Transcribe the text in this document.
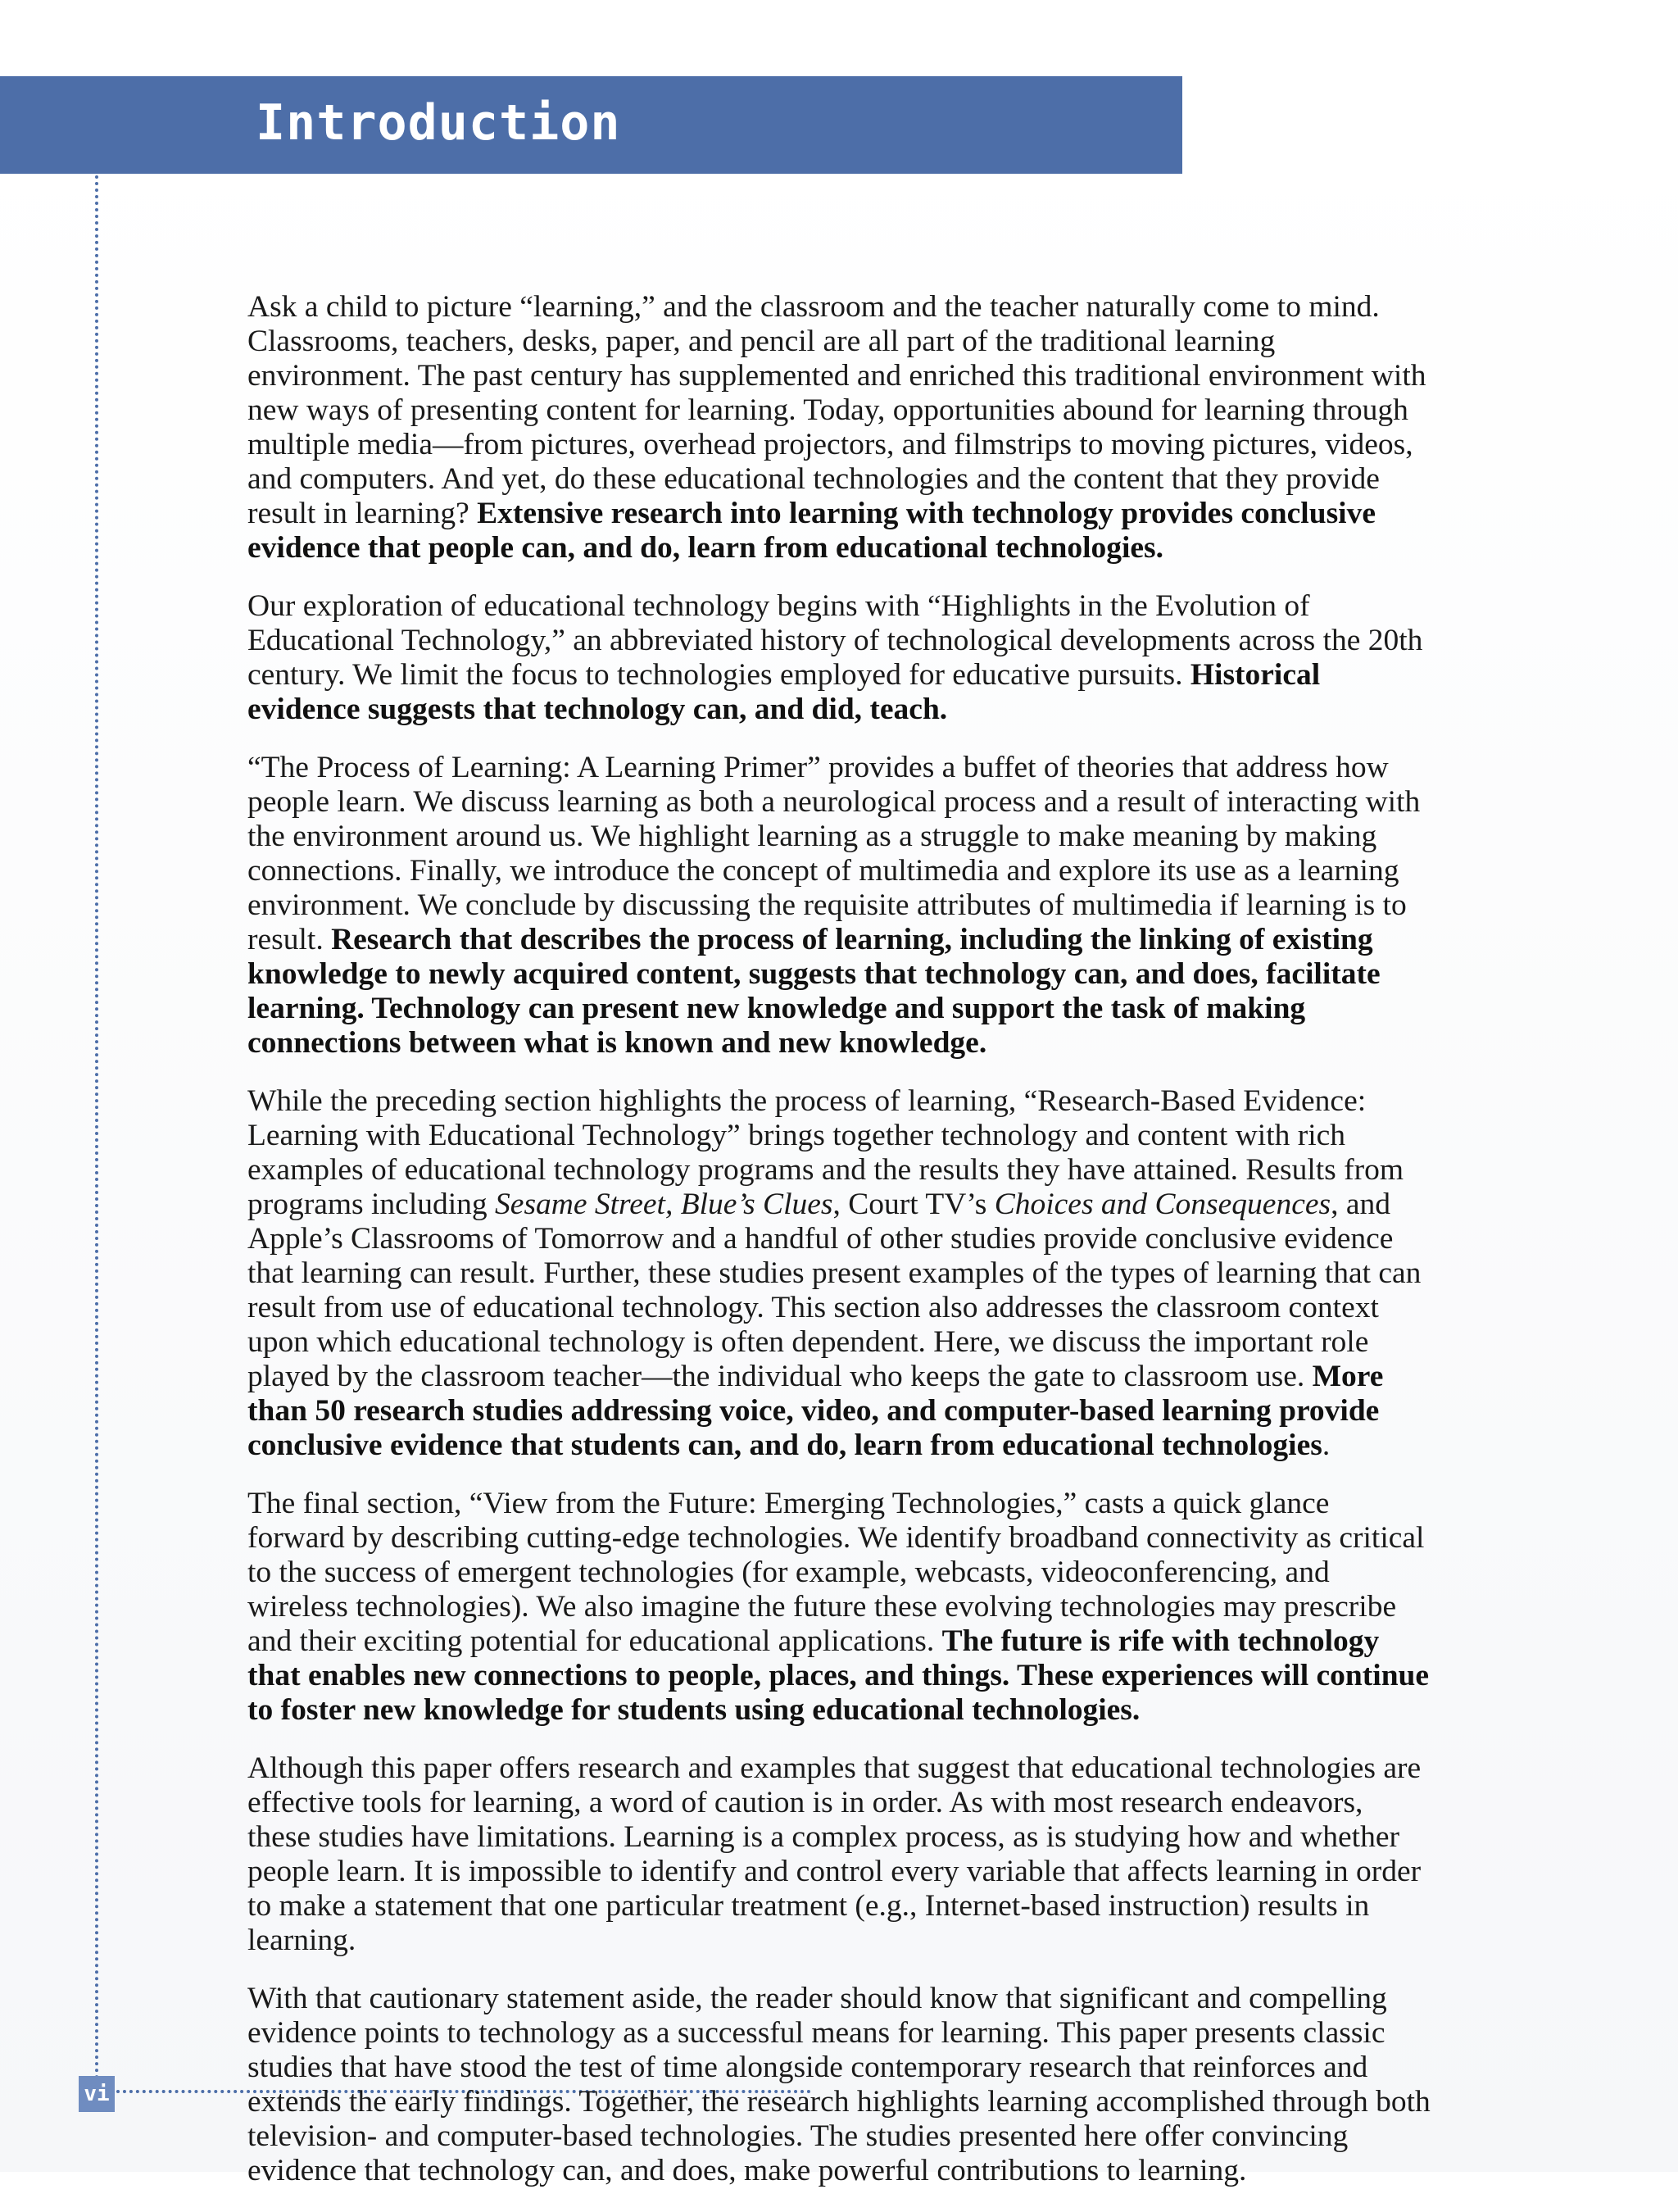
Introduction
vi

Ask a child to picture “learning,” and the classroom and the teacher naturally come to mind. Classrooms, teachers, desks, paper, and pencil are all part of the traditional learning environment. The past century has supplemented and enriched this traditional environment with new ways of presenting content for learning. Today, opportunities abound for learning through multiple media—from pictures, overhead projectors, and filmstrips to moving pictures, videos, and computers. And yet, do these educational technologies and the content that they provide result in learning? Extensive research into learning with technology provides conclusive evidence that people can, and do, learn from educational technologies.

Our exploration of educational technology begins with “Highlights in the Evolution of Educational Technology,” an abbreviated history of technological developments across the 20th century. We limit the focus to technologies employed for educative pursuits. Historical evidence suggests that technology can, and did, teach.

“The Process of Learning: A Learning Primer” provides a buffet of theories that address how people learn. We discuss learning as both a neurological process and a result of interacting with the environment around us. We highlight learning as a struggle to make meaning by making connections. Finally, we introduce the concept of multimedia and explore its use as a learning environment. We conclude by discussing the requisite attributes of multimedia if learning is to result. Research that describes the process of learning, including the linking of existing knowledge to newly acquired content, suggests that technology can, and does, facilitate learning. Technology can present new knowledge and support the task of making connections between what is known and new knowledge.

While the preceding section highlights the process of learning, “Research-Based Evidence: Learning with Educational Technology” brings together technology and content with rich examples of educational technology programs and the results they have attained. Results from programs including Sesame Street, Blue’s Clues, Court TV’s Choices and Consequences, and Apple’s Classrooms of Tomorrow and a handful of other studies provide conclusive evidence that learning can result. Further, these studies present examples of the types of learning that can result from use of educational technology. This section also addresses the classroom context upon which educational technology is often dependent. Here, we discuss the important role played by the classroom teacher—the individual who keeps the gate to classroom use. More than 50 research studies addressing voice, video, and computer-based learning provide conclusive evidence that students can, and do, learn from educational technologies.

The final section, “View from the Future: Emerging Technologies,” casts a quick glance forward by describing cutting-edge technologies. We identify broadband connectivity as critical to the success of emergent technologies (for example, webcasts, videoconferencing, and wireless technologies). We also imagine the future these evolving technologies may prescribe and their exciting potential for educational applications. The future is rife with technology that enables new connections to people, places, and things. These experiences will continue to foster new knowledge for students using educational technologies.

Although this paper offers research and examples that suggest that educational technologies are effective tools for learning, a word of caution is in order. As with most research endeavors, these studies have limitations. Learning is a complex process, as is studying how and whether people learn. It is impossible to identify and control every variable that affects learning in order to make a statement that one particular treatment (e.g., Internet-based instruction) results in learning.

With that cautionary statement aside, the reader should know that significant and compelling evidence points to technology as a successful means for learning. This paper presents classic studies that have stood the test of time alongside contemporary research that reinforces and extends the early findings. Together, the research highlights learning accomplished through both television- and computer-based technologies. The studies presented here offer convincing evidence that technology can, and does, make powerful contributions to learning.
